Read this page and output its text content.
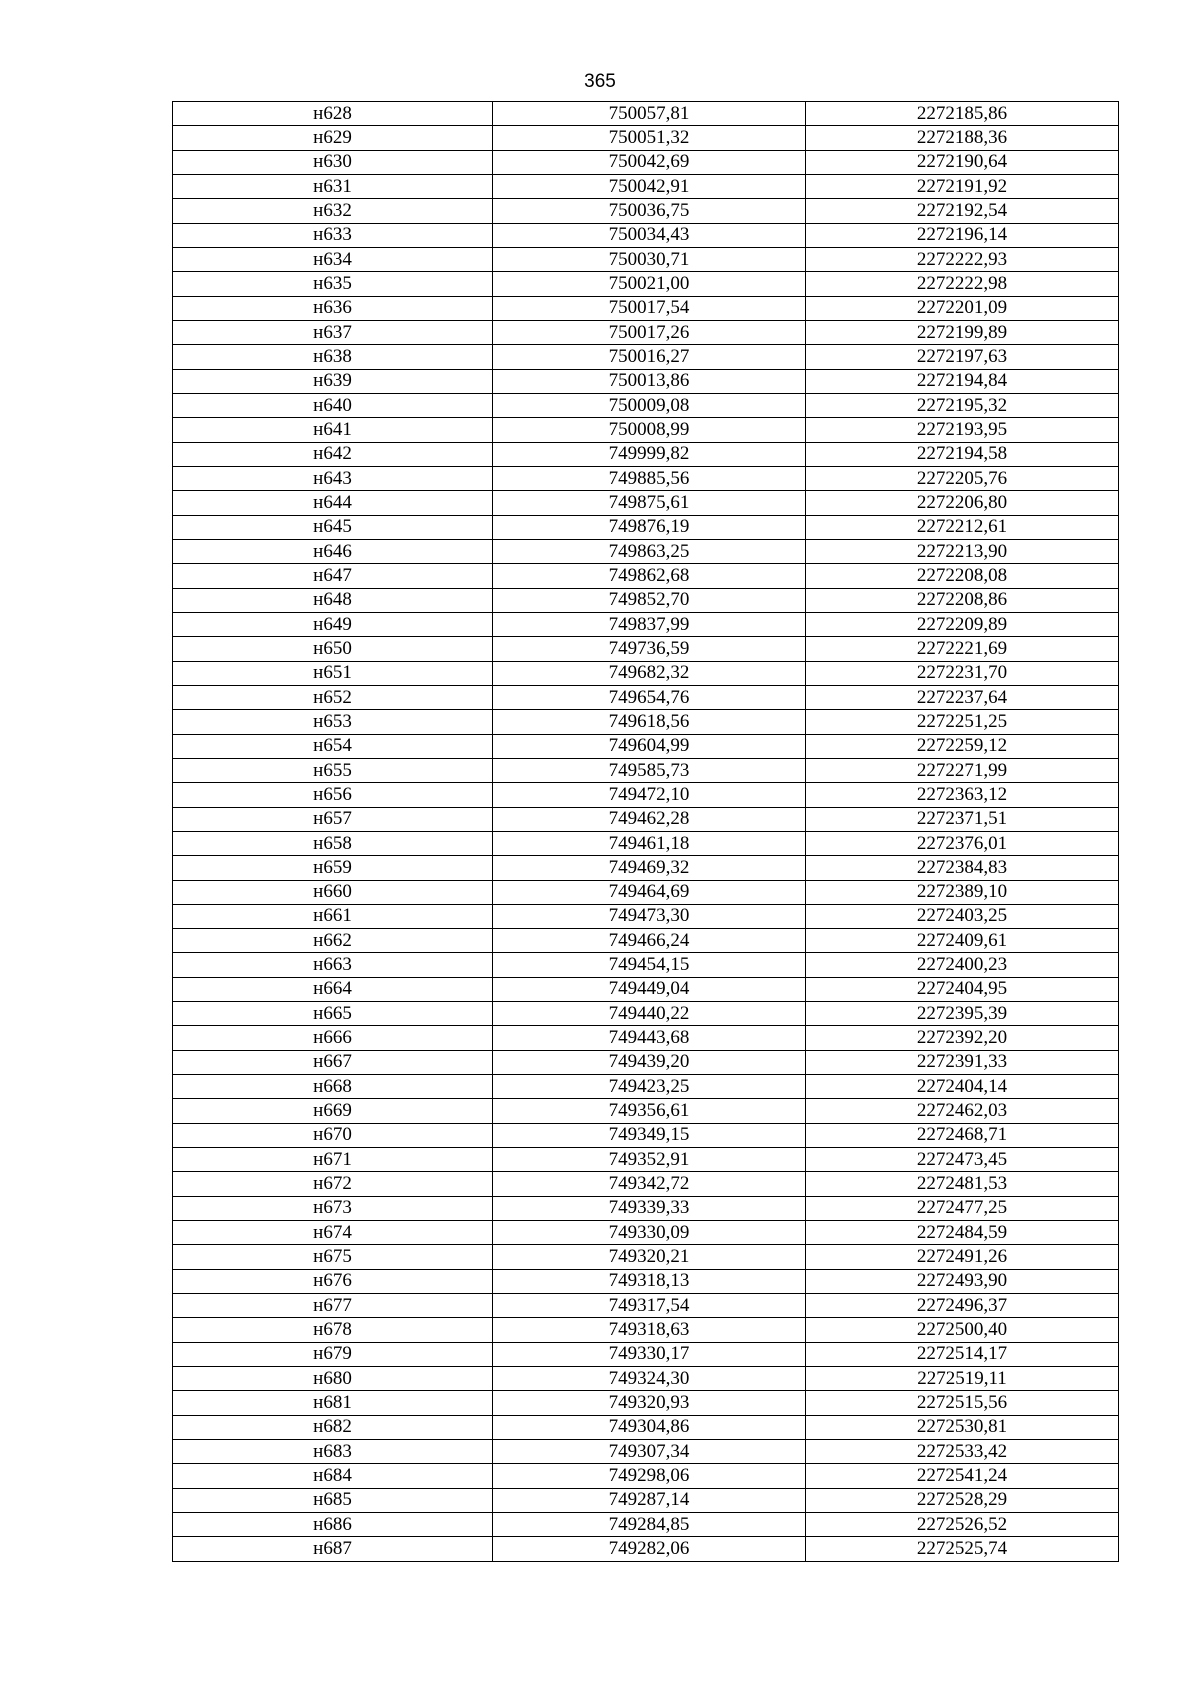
365
н628	750057,81	2272185,86
н629	750051,32	2272188,36
н630	750042,69	2272190,64
н631	750042,91	2272191,92
н632	750036,75	2272192,54
н633	750034,43	2272196,14
н634	750030,71	2272222,93
н635	750021,00	2272222,98
н636	750017,54	2272201,09
н637	750017,26	2272199,89
н638	750016,27	2272197,63
н639	750013,86	2272194,84
н640	750009,08	2272195,32
н641	750008,99	2272193,95
н642	749999,82	2272194,58
н643	749885,56	2272205,76
н644	749875,61	2272206,80
н645	749876,19	2272212,61
н646	749863,25	2272213,90
н647	749862,68	2272208,08
н648	749852,70	2272208,86
н649	749837,99	2272209,89
н650	749736,59	2272221,69
н651	749682,32	2272231,70
н652	749654,76	2272237,64
н653	749618,56	2272251,25
н654	749604,99	2272259,12
н655	749585,73	2272271,99
н656	749472,10	2272363,12
н657	749462,28	2272371,51
н658	749461,18	2272376,01
н659	749469,32	2272384,83
н660	749464,69	2272389,10
н661	749473,30	2272403,25
н662	749466,24	2272409,61
н663	749454,15	2272400,23
н664	749449,04	2272404,95
н665	749440,22	2272395,39
н666	749443,68	2272392,20
н667	749439,20	2272391,33
н668	749423,25	2272404,14
н669	749356,61	2272462,03
н670	749349,15	2272468,71
н671	749352,91	2272473,45
н672	749342,72	2272481,53
н673	749339,33	2272477,25
н674	749330,09	2272484,59
н675	749320,21	2272491,26
н676	749318,13	2272493,90
н677	749317,54	2272496,37
н678	749318,63	2272500,40
н679	749330,17	2272514,17
н680	749324,30	2272519,11
н681	749320,93	2272515,56
н682	749304,86	2272530,81
н683	749307,34	2272533,42
н684	749298,06	2272541,24
н685	749287,14	2272528,29
н686	749284,85	2272526,52
н687	749282,06	2272525,74
